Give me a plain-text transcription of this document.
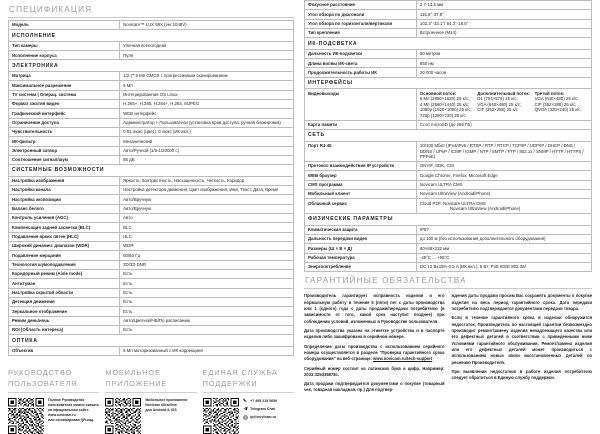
СПЕЦИФИКАЦИЯ
Модель	Novicam™ LUX 58X (ver.1049V)
ИСПОЛНЕНИЕ	
Тип камеры	Уличная всепогодная
Исполнение корпуса	Пуля
ЭЛЕКТРОНИКА	
Матрица	1/2.7" 5 Мп CMOS с прогрессивным сканированием
Максимальное разрешение	5 Мп
TV система | Операц. система	Интегрированная OS Linux
Формат сжатия видео	H.265+, H.265, H.264+, H.264, MJPEG
Графический интерфейс	WEB интерфейс
Ограничение доступа	Администратор + Пользователи (установка прав доступа, ручная блокировка)
Чувствительность	0.01 люкс (цвет), 0 люкс (ИК вкл.)
ИК-фильтр	Механический
Электронный затвор	Авто/Ручной (1/5-1/20000 с)
Соотношение сигнал/шум	55 дБ
СИСТЕМНЫЕ ВОЗМОЖНОСТИ	
Настройка изображения	Яркость, Контрастность, Насыщенность, Четкость, Коридор
Настройка канала	Настройка детектора движения, Цвет изображения, Имя, Текст, Дата, Время
Настройка экспозиции	Авто/Вручную
Баланс белого	Авто/Вручную
Контроль усиления (AGC)	Авто
Компенсация задней засветки (BLC)	BLC
Подавление ярких пятен (HLC)	HLC
Широкий динамич. диапазон (WDR)	WDR
Подавление мерцания	50/60 Гц
Технология шумоподавления	2D/3D DNR
Коридорный режим (Aisle mode)	Есть
Антитуман	Есть
Настройка скрытой области	Есть
Детекция движения	Есть
Зеркальное отображение	Есть
Режим день/ночь	Авто/Цветной/ЧБ/По расписанию
ROI (Область интереса)	Есть
ОПТИКА	
Объектив	5 Мп моторизованный с ИК-коррекцией
РУКОВОДСТВО
ПОЛЬЗОВАТЕЛЯ
Полное Руководство пользователя можно скачать на официальном сайте
www.novicam.ru
или отсканировав QR-код.
МОБИЛЬНОЕ
ПРИЛОЖЕНИЕ
Мобильное приложение
Novicam UltraView
для Android & iOS
ЕДИНАЯ СЛУЖБА
ПОДДЕРЖКИ
+7 495 215 5690
Telegram Chat
tp@novicam.ru
Фокусное расстояние	2.7-13.5 мм
Угол обзора по диагонали	115.8°-37.9°
Угол обзора по горизонтали/вертикали	102.3°-33.1°/ 54.3°-18.5°
Тип крепления	Встроенное (M14)
ИК-ПОДСВЕТКА	
Дальность ИК-подсветки	50 метров
Длина волны ИК-света	850 нм
Продолжительность работы ИК	20 000 часов
ИНТЕРФЕЙСЫ	
Видеовыходы	Основной поток:
5 Мп (2880×1620) 25 к/с;
4 Мп (2560×1440) 25 к/с;
1080p (1920×1080) 25 к/с;
720p (1280×720) 25 к/с
Дополнительный поток:
D1 (704×576) 25 к/с;
VGA (640×480) 25 к/с;
CIF (352×288) 25 к/с
Третий поток:
VGA (640×480) 25 к/с;
CIF (352×288) 25 к/с;
QVGA (320×240) 25 к/с

Карта памяти	Слот microSD (до 256 ГБ)
СЕТЬ	
Порт RJ-45	10/100 Мбит (IPv4/IPv6 / RTSP / RTP / RTCP / TCP/IP / UDP/IP / DHCP / DNS / DDNS / UPnP / ICMP / IGMP / NTP / SMTP / FTP / 802.1x / SNMP / HTTP / HTTPS / PPPoE)
Протокол взаимодействия IP устройств	ONVIF, SDK, CGI
WEB браузер	Google Chrome, Firefox, Microsoft Edge
CMS программа	Novicam ULTRA CMS
Мобильный клиент	Novicam UltraView (Android/iPhone)
Облачный сервис	Cloud P2P: Novicam ULTRA CMS
Novicam UltraView (Android/iPhone)

ФИЗИЧЕСКИЕ ПАРАМЕТРЫ	
Климатическая защита	IP67
Дальность передачи видео	до 100 м (без использования дополнительного оборудования)
Размеры (Ш × В × Д)	80×68×232 мм
Рабочая температура	-45°C ... +55°C
Энергопотребление	DC 12 В±15% 0.5 A (ИК вкл.), 6 Вт; PoE IEEE 802.3af
ГАРАНТИЙНЫЕ ОБЯЗАТЕЛЬСТВА

Производитель гарантирует исправность изделия и его нормальную работу в течение 5 (пяти) лет с даты производства или 1 (одного) года с даты продажи/передачи потребителю (в зависимости от того, какой срок наступит позднее) при соблюдении условий, изложенных в Руководстве пользователя.

Дата производства указана на этикетке устройства и в паспорте изделия либо зашифрована в серийном номере.

Определение даты производства с использованием серийного номера осуществляется в разделе "Проверка гарантийного срока оборудования" на веб-странице: www.novicam.ru/tech-support

Серийный номер состоит из латинских букв и цифр. Например: 2033:325d38878c.

Дата продажи подтверждается документами о покупке (товарный чек, товарная накладная, пр.) Для подтвер-

ждения даты продажи просим Вас сохранять документы о покупке изделия на весь период гарантийного срока. Дата передачи потребителю подтверждается документами передачи товара.

Если в течение гарантийного срока в изделии обнаружится недостаток, Производитель по настоящей гарантии безвозмездно производит ремонт/замену изделия ненадлежащего качества или его дефектных деталей в соответствии с приведенными ниже Условиями гарантийного обслуживания. Ремонт/замена изделия или его дефектных деталей может производиться с использованием новых и/или восстановленных деталей по решению Производителя.

При выявлении недостатков в работе изделия потребителю следует обратиться в Единую службу поддержки.
